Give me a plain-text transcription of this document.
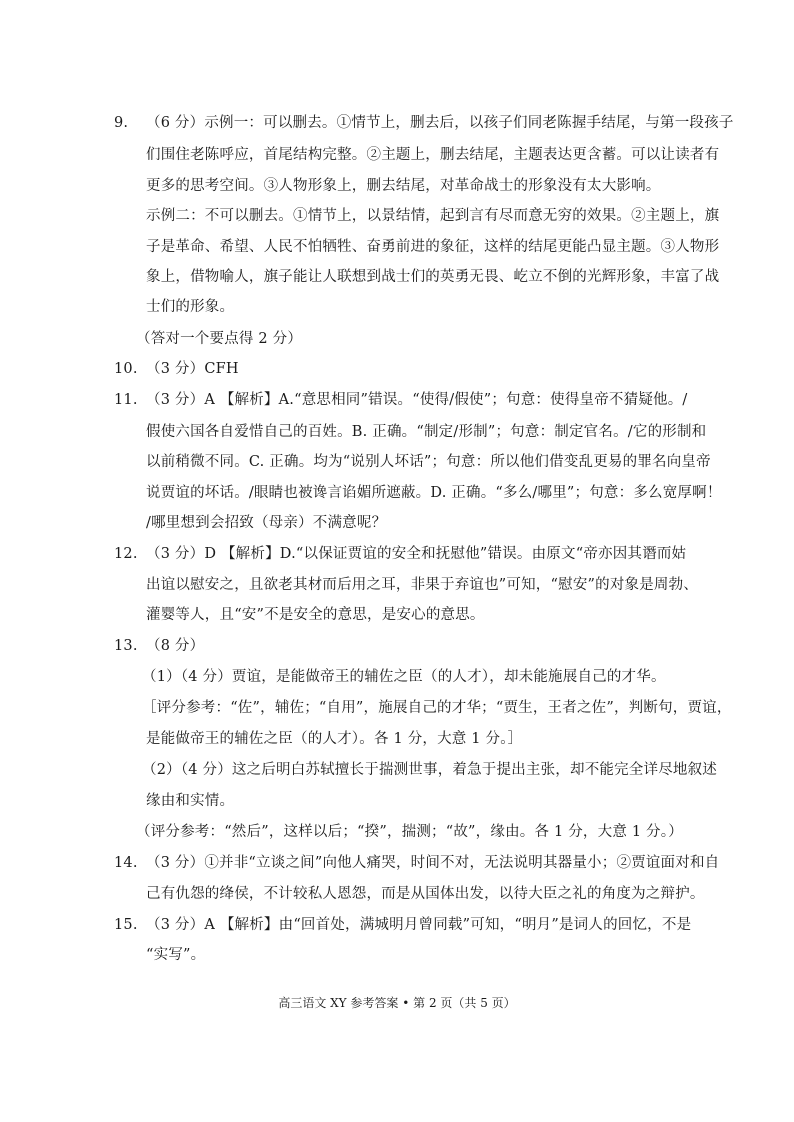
9. （6 分）示例一：可以删去。①情节上，删去后，以孩子们同老陈握手结尾，与第一段孩子
们围住老陈呼应，首尾结构完整。②主题上，删去结尾，主题表达更含蓄。可以让读者有
更多的思考空间。③人物形象上，删去结尾，对革命战士的形象没有太大影响。
示例二：不可以删去。①情节上，以景结情，起到言有尽而意无穷的效果。②主题上，旗
子是革命、希望、人民不怕牺牲、奋勇前进的象征，这样的结尾更能凸显主题。③人物形
象上，借物喻人，旗子能让人联想到战士们的英勇无畏、屹立不倒的光辉形象，丰富了战
士们的形象。
（答对一个要点得 2 分）
10. （3 分）CFH
11. （3 分）A 【解析】A.“意思相同”错误。“使得/假使”；句意：使得皇帝不猜疑他。/
假使六国各自爱惜自己的百姓。B. 正确。“制定/形制”；句意：制定官名。/它的形制和
以前稍微不同。C. 正确。均为“说别人坏话”；句意：所以他们借变乱更易的罪名向皇帝
说贾谊的坏话。/眼睛也被谗言谄媚所遮蔽。D. 正确。“多么/哪里”；句意：多么宽厚啊！
/哪里想到会招致（母亲）不满意呢？
12. （3 分）D 【解析】D.“以保证贾谊的安全和抚慰他”错误。由原文“帝亦因其谮而姑
出谊以慰安之，且欲老其材而后用之耳，非果于弃谊也”可知，“慰安”的对象是周勃、
灌婴等人，且“安”不是安全的意思，是安心的意思。
13. （8 分）
（1）（4 分）贾谊，是能做帝王的辅佐之臣（的人才），却未能施展自己的才华。
［评分参考：“佐”，辅佐；“自用”，施展自己的才华；“贾生，王者之佐”，判断句，贾谊，
是能做帝王的辅佐之臣（的人才）。各 1 分，大意 1 分。］
（2）（4 分）这之后明白苏轼擅长于揣测世事，着急于提出主张，却不能完全详尽地叙述
缘由和实情。
（评分参考：“然后”，这样以后；“揆”，揣测；“故”，缘由。各 1 分，大意 1 分。）
14. （3 分）①并非“立谈之间”向他人痛哭，时间不对，无法说明其器量小；②贾谊面对和自
己有仇怨的绛侯，不计较私人恩怨，而是从国体出发，以待大臣之礼的角度为之辩护。
15. （3 分）A 【解析】由“回首处，满城明月曾同载”可知，“明月”是词人的回忆，不是
“实写”。
高三语文 XY 参考答案 • 第 2 页（共 5 页）
